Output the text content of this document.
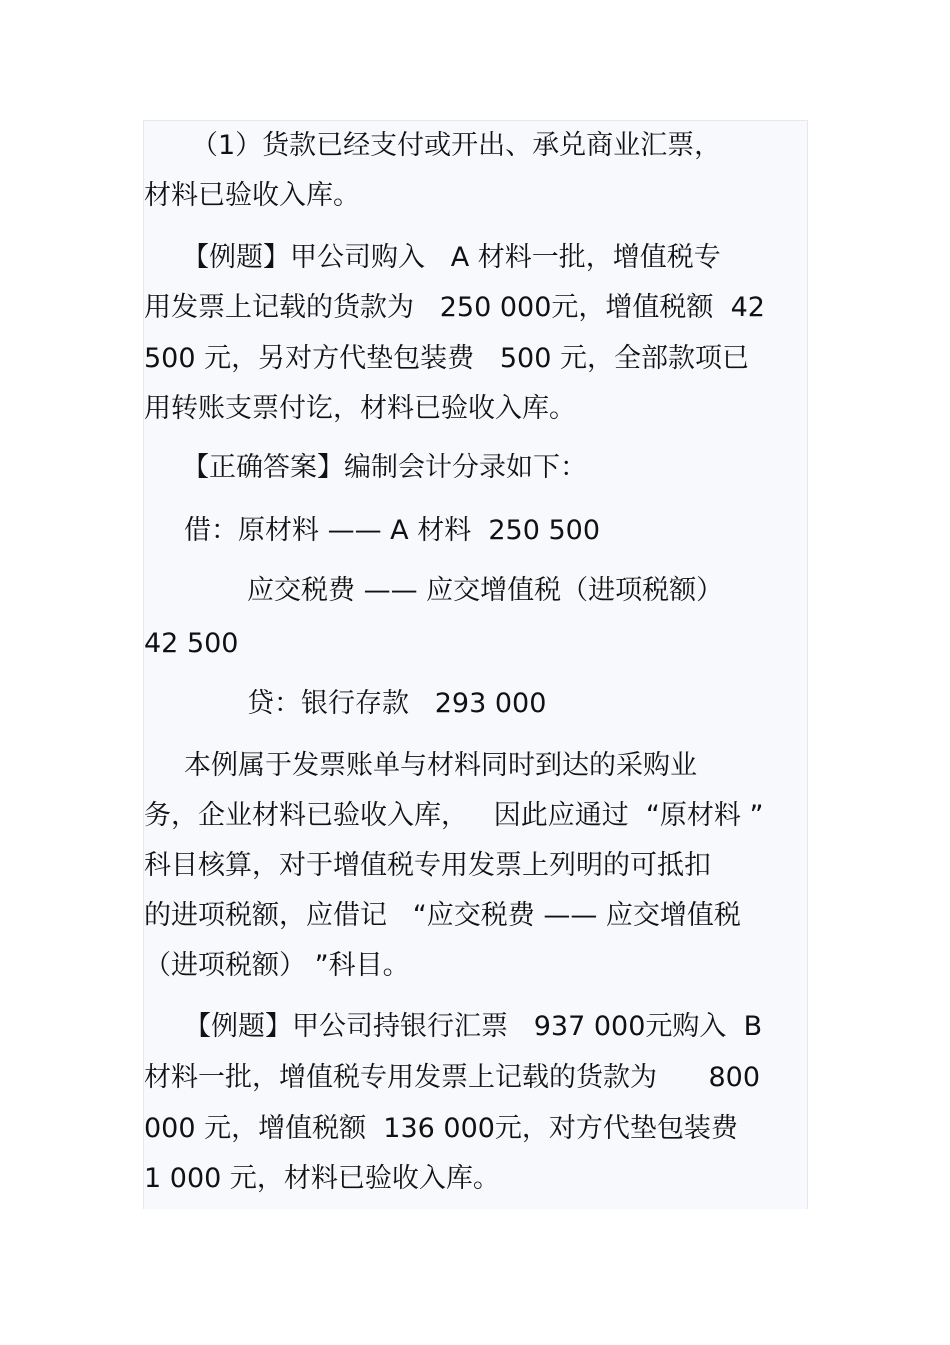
（1）货款已经支付或开出、承兑商业汇票，
材料已验收入库。
【例题】甲公司购入   A 材料一批，增值税专
用发票上记载的货款为   250 000元，增值税额  42
500 元，另对方代垫包装费   500 元，全部款项已
用转账支票付讫，材料已验收入库。
【正确答案】编制会计分录如下：
借：原材料 —— A 材料  250 500
应交税费 —— 应交增值税（进项税额）
42 500
贷：银行存款   293 000
本例属于发票账单与材料同时到达的采购业
务，企业材料已验收入库，   因此应通过  “原材料 ”
科目核算，对于增值税专用发票上列明的可抵扣
的进项税额，应借记   “应交税费 —— 应交增值税
（进项税额） ”科目。
【例题】甲公司持银行汇票   937 000元购入  B
材料一批，增值税专用发票上记载的货款为      800
000 元，增值税额  136 000元，对方代垫包装费
1 000 元，材料已验收入库。
